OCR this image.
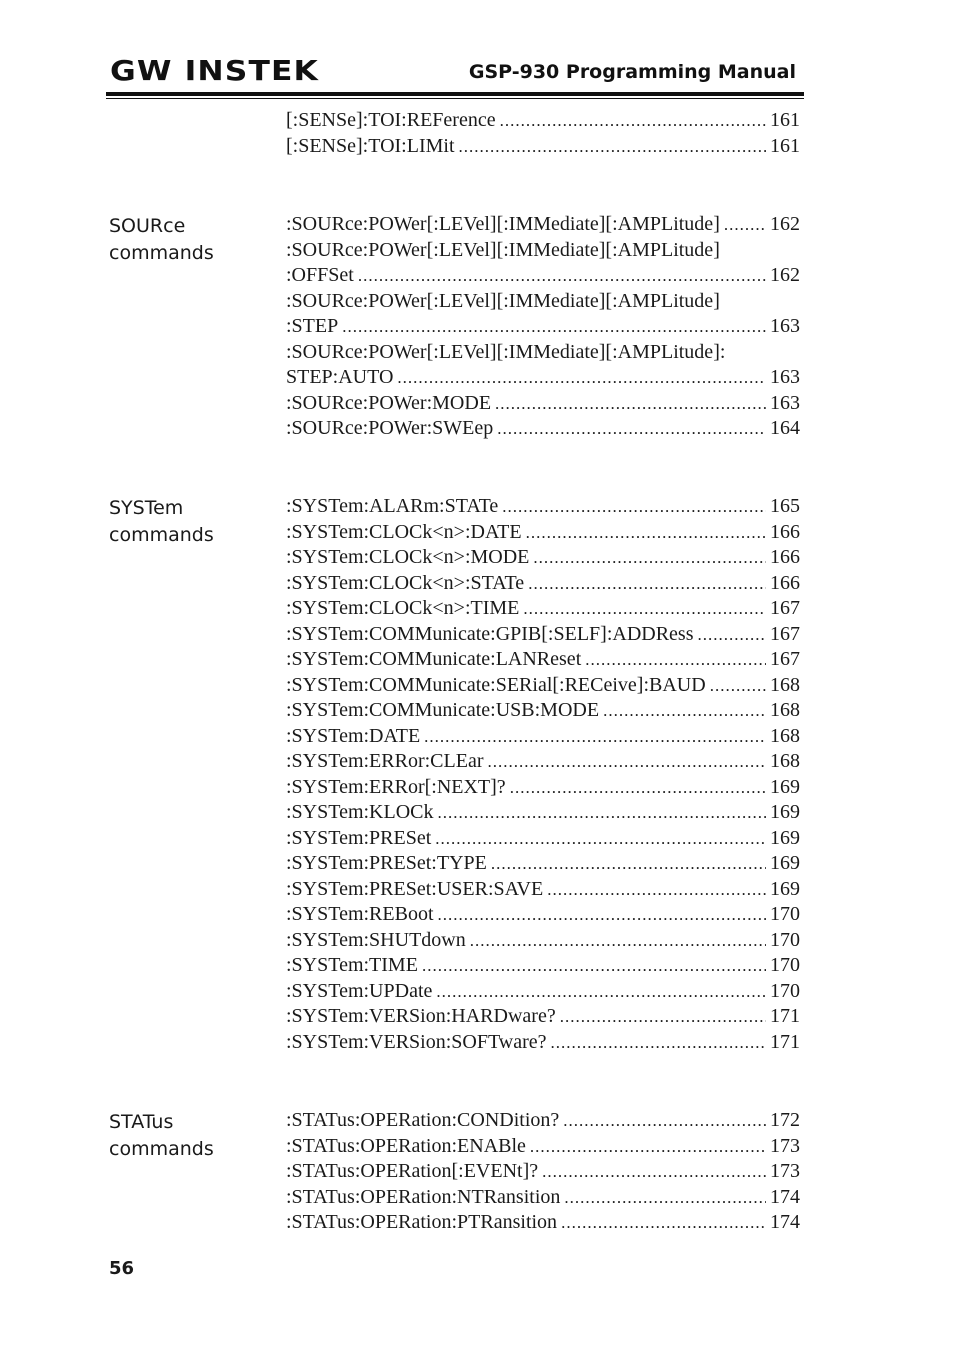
GW INSTEK	GSP-930 Programming Manual
[:SENSe]:TOI:REFerence .....	161
[:SENSe]:TOI:LIMit .....	161
SOURce
commands
:SOURce:POWer[:LEVel][:IMMediate][:AMPLitude] .....	162
:SOURce:POWer[:LEVel][:IMMediate][:AMPLitude]
:OFFSet .....	162
:SOURce:POWer[:LEVel][:IMMediate][:AMPLitude]
:STEP .....	163
:SOURce:POWer[:LEVel][:IMMediate][:AMPLitude]:
STEP:AUTO .....	163
:SOURce:POWer:MODE .....	163
:SOURce:POWer:SWEep .....	164
SYSTem
commands
:SYSTem:ALARm:STATe .....	165
:SYSTem:CLOCk<n>:DATE .....	166
:SYSTem:CLOCk<n>:MODE .....	166
:SYSTem:CLOCk<n>:STATe .....	166
:SYSTem:CLOCk<n>:TIME .....	167
:SYSTem:COMMunicate:GPIB[:SELF]:ADDRess .....	167
:SYSTem:COMMunicate:LANReset .....	167
:SYSTem:COMMunicate:SERial[:RECeive]:BAUD .....	168
:SYSTem:COMMunicate:USB:MODE .....	168
:SYSTem:DATE .....	168
:SYSTem:ERRor:CLEar .....	168
:SYSTem:ERRor[:NEXT]? .....	169
:SYSTem:KLOCk .....	169
:SYSTem:PRESet .....	169
:SYSTem:PRESet:TYPE .....	169
:SYSTem:PRESet:USER:SAVE .....	169
:SYSTem:REBoot .....	170
:SYSTem:SHUTdown .....	170
:SYSTem:TIME .....	170
:SYSTem:UPDate .....	170
:SYSTem:VERSion:HARDware? .....	171
:SYSTem:VERSion:SOFTware? .....	171
STATus
commands
:STATus:OPERation:CONDition? .....	172
:STATus:OPERation:ENABle .....	173
:STATus:OPERation[:EVENt]? .....	173
:STATus:OPERation:NTRansition .....	174
:STATus:OPERation:PTRansition .....	174
56
